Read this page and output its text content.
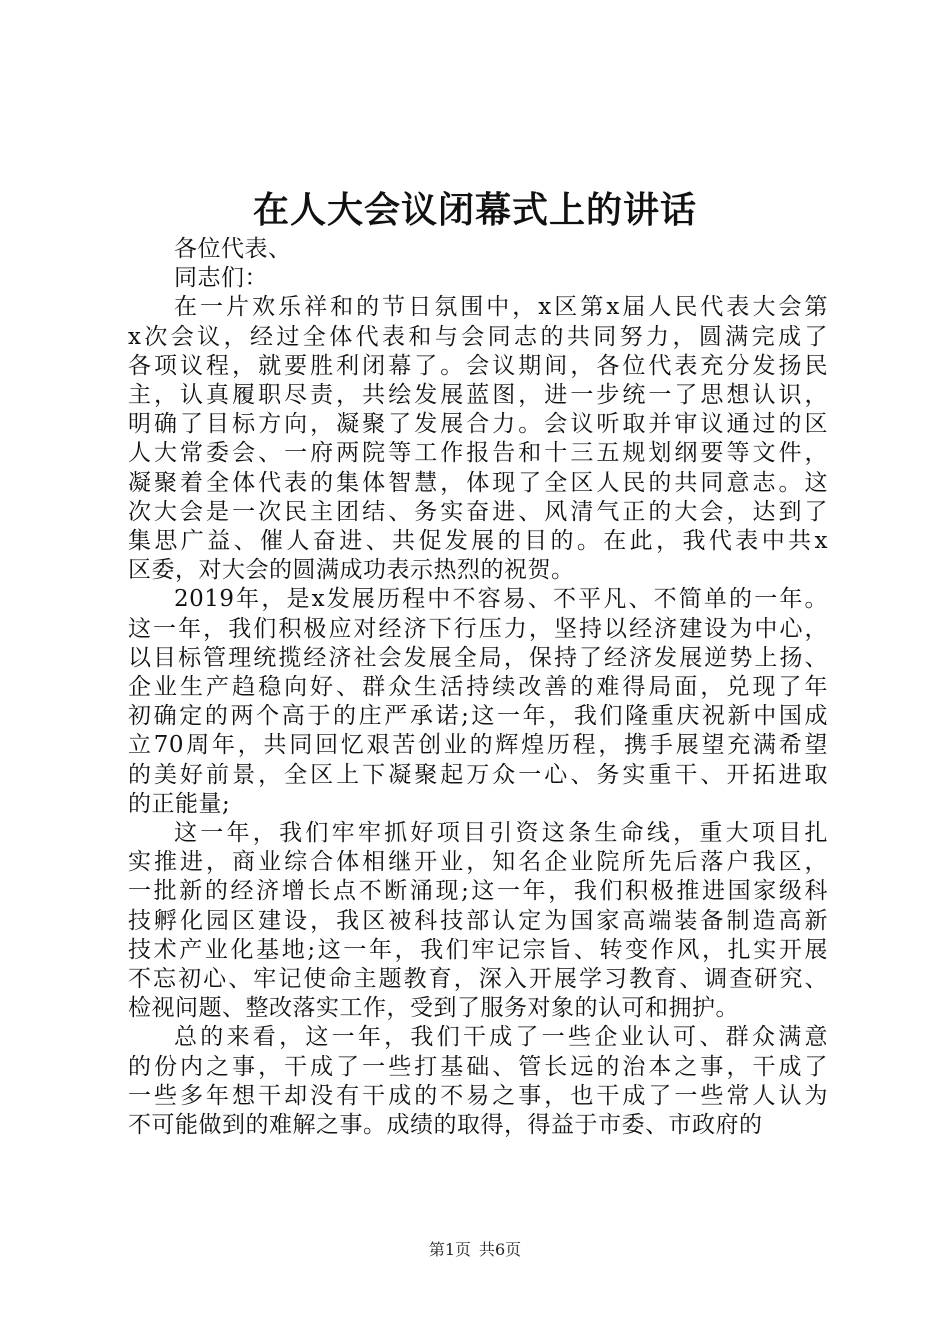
在人大会议闭幕式上的讲话

各位代表、

同志们：

在一片欢乐祥和的节日氛围中，x区第x届人民代表大会第
x次会议，经过全体代表和与会同志的共同努力，圆满完成了
各项议程，就要胜利闭幕了。会议期间，各位代表充分发扬民
主，认真履职尽责，共绘发展蓝图，进一步统一了思想认识，
明确了目标方向，凝聚了发展合力。会议听取并审议通过的区
人大常委会、一府两院等工作报告和十三五规划纲要等文件，
凝聚着全体代表的集体智慧，体现了全区人民的共同意志。这
次大会是一次民主团结、务实奋进、风清气正的大会，达到了
集思广益、催人奋进、共促发展的目的。在此，我代表中共x
区委，对大会的圆满成功表示热烈的祝贺。

2019年，是x发展历程中不容易、不平凡、不简单的一年。
这一年，我们积极应对经济下行压力，坚持以经济建设为中心，
以目标管理统揽经济社会发展全局，保持了经济发展逆势上扬、
企业生产趋稳向好、群众生活持续改善的难得局面，兑现了年
初确定的两个高于的庄严承诺;这一年，我们隆重庆祝新中国成
立70周年，共同回忆艰苦创业的辉煌历程，携手展望充满希望
的美好前景，全区上下凝聚起万众一心、务实重干、开拓进取
的正能量;

这一年，我们牢牢抓好项目引资这条生命线，重大项目扎
实推进，商业综合体相继开业，知名企业院所先后落户我区，
一批新的经济增长点不断涌现;这一年，我们积极推进国家级科
技孵化园区建设，我区被科技部认定为国家高端装备制造高新
技术产业化基地;这一年，我们牢记宗旨、转变作风，扎实开展
不忘初心、牢记使命主题教育，深入开展学习教育、调查研究、
检视问题、整改落实工作，受到了服务对象的认可和拥护。

总的来看，这一年，我们干成了一些企业认可、群众满意
的份内之事，干成了一些打基础、管长远的治本之事，干成了
一些多年想干却没有干成的不易之事，也干成了一些常人认为
不可能做到的难解之事。成绩的取得，得益于市委、市政府的

第1页 共6页
